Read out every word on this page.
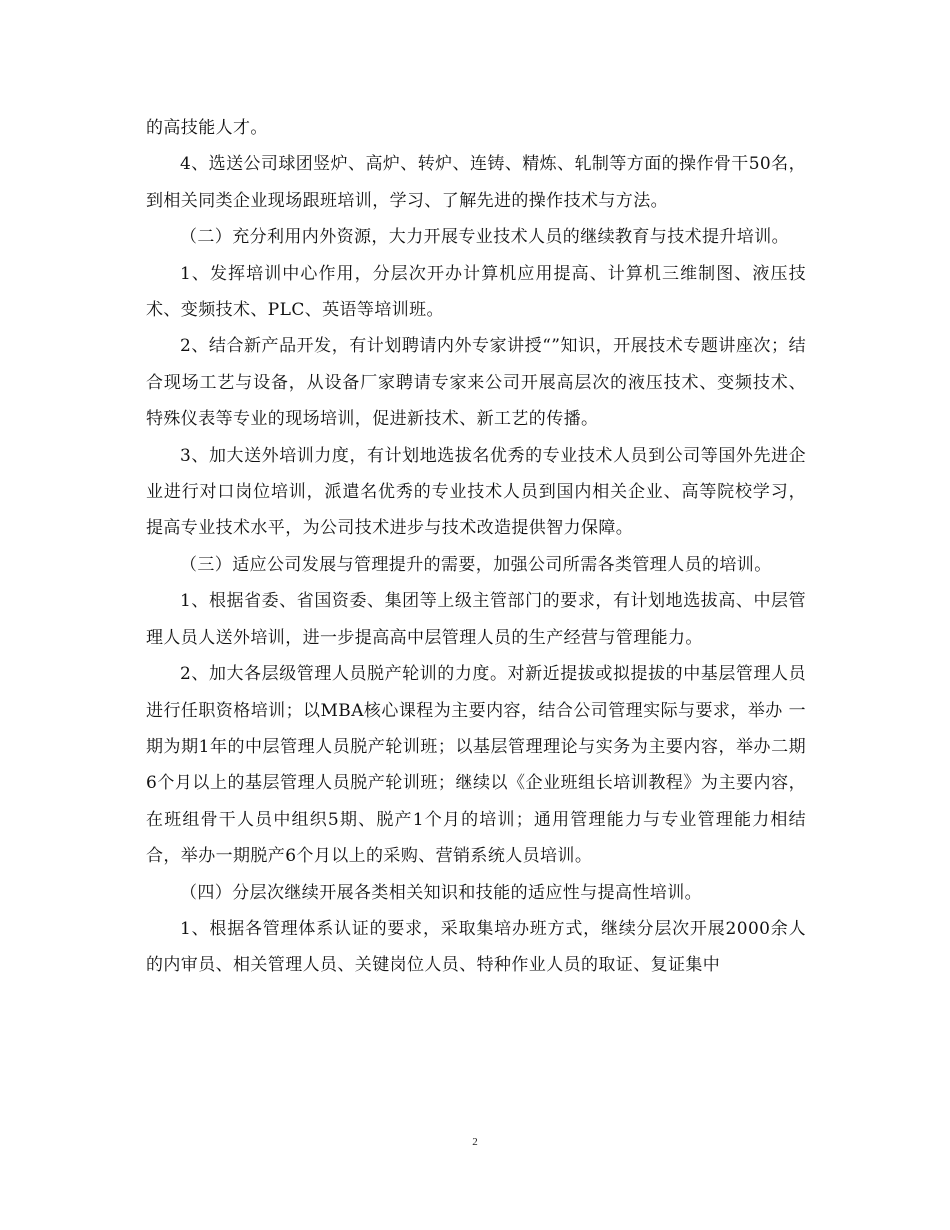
的高技能人才。

4、选送公司球团竖炉、高炉、转炉、连铸、精炼、轧制等方面的操作骨干50名，到相关同类企业现场跟班培训，学习、了解先进的操作技术与方法。

（二）充分利用内外资源，大力开展专业技术人员的继续教育与技术提升培训。

1、发挥培训中心作用，分层次开办计算机应用提高、计算机三维制图、液压技术、变频技术、PLC、英语等培训班。

2、结合新产品开发，有计划聘请内外专家讲授“”知识，开展技术专题讲座次；结合现场工艺与设备，从设备厂家聘请专家来公司开展高层次的液压技术、变频技术、特殊仪表等专业的现场培训，促进新技术、新工艺的传播。

3、加大送外培训力度，有计划地选拔名优秀的专业技术人员到公司等国外先进企业进行对口岗位培训，派遣名优秀的专业技术人员到国内相关企业、高等院校学习，提高专业技术水平，为公司技术进步与技术改造提供智力保障。

（三）适应公司发展与管理提升的需要，加强公司所需各类管理人员的培训。

1、根据省委、省国资委、集团等上级主管部门的要求，有计划地选拔高、中层管理人员人送外培训，进一步提高高中层管理人员的生产经营与管理能力。

2、加大各层级管理人员脱产轮训的力度。对新近提拔或拟提拔的中基层管理人员进行任职资格培训；以MBA核心课程为主要内容，结合公司管理实际与要求，举办 一期为期1年的中层管理人员脱产轮训班；以基层管理理论与实务为主要内容，举办二期6个月以上的基层管理人员脱产轮训班；继续以《企业班组长培训教程》为主要内容，在班组骨干人员中组织5期、脱产1个月的培训；通用管理能力与专业管理能力相结合，举办一期脱产6个月以上的采购、营销系统人员培训。

（四）分层次继续开展各类相关知识和技能的适应性与提高性培训。

1、根据各管理体系认证的要求，采取集培办班方式，继续分层次开展2000余人的内审员、相关管理人员、关键岗位人员、特种作业人员的取证、复证集中

2
